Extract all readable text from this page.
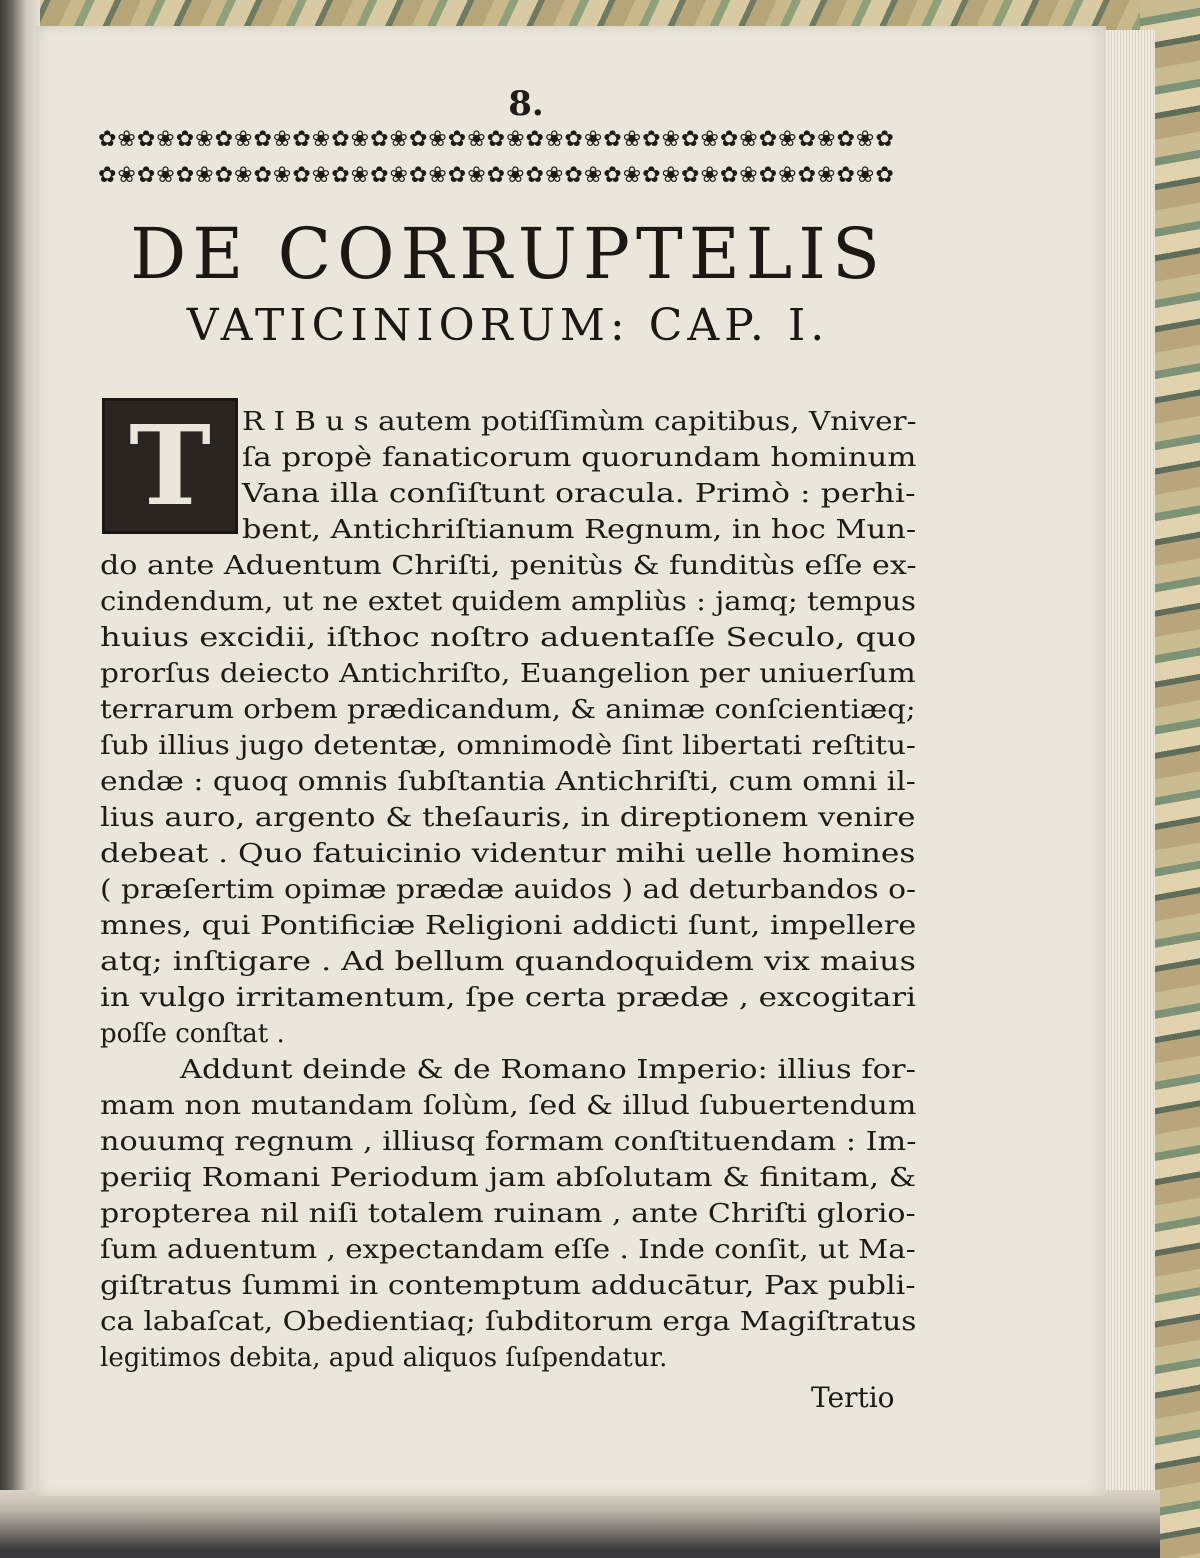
8.
✿❀✿❀✿❀✿❀✿❀✿❀✿❀✿❀✿❀✿❀✿❀✿❀✿❀✿❀✿❀✿❀✿❀✿❀✿❀✿❀✿
✿❀✿❀✿❀✿❀✿❀✿❀✿❀✿❀✿❀✿❀✿❀✿❀✿❀✿❀✿❀✿❀✿❀✿❀✿❀✿❀✿
DE CORRUPTELIS
VATICINIORUM: CAP. I.
T	R I B u s autem potiſſimùm capitibus, Vniver-
ſa propè fanaticorum quorundam hominum
Vana illa conſiſtunt oracula. Primò : perhi-
bent, Antichriſtianum Regnum, in hoc Mun-
do ante Aduentum Chriſti, penitùs & funditùs eſſe ex-
cindendum, ut ne extet quidem ampliùs : jamq; tempus
huius excidii, iſthoc noſtro aduentaſſe Seculo, quo
prorſus deiecto Antichriſto, Euangelion per uniuerſum
terrarum orbem prædicandum, & animæ conſcientiæq;
ſub illius jugo detentæ, omnimodè ſint libertati reſtitu-
endæ : quoq omnis ſubſtantia Antichriſti, cum omni il-
lius auro, argento & theſauris, in direptionem venire
debeat . Quo fatuicinio videntur mihi uelle homines
( præſertim opimæ prædæ auidos ) ad deturbandos o-
mnes, qui Pontificiæ Religioni addicti ſunt, impellere
atq; inſtigare . Ad bellum quandoquidem vix maius
in vulgo irritamentum, ſpe certa prædæ , excogitari
poſſe conſtat .
Addunt deinde & de Romano Imperio: illius for-
mam non mutandam ſolùm, ſed & illud ſubuertendum
nouumq regnum , illiusq formam conſtituendam : Im-
periiq Romani Periodum jam abſolutam & finitam, &
propterea nil niſi totalem ruinam , ante Chriſti glorio-
ſum aduentum , expectandam eſſe . Inde conſit, ut Ma-
giſtratus ſummi in contemptum adducātur, Pax publi-
ca labaſcat, Obedientiaq; ſubditorum erga Magiſtratus
legitimos debita, apud aliquos ſuſpendatur.
Tertio
